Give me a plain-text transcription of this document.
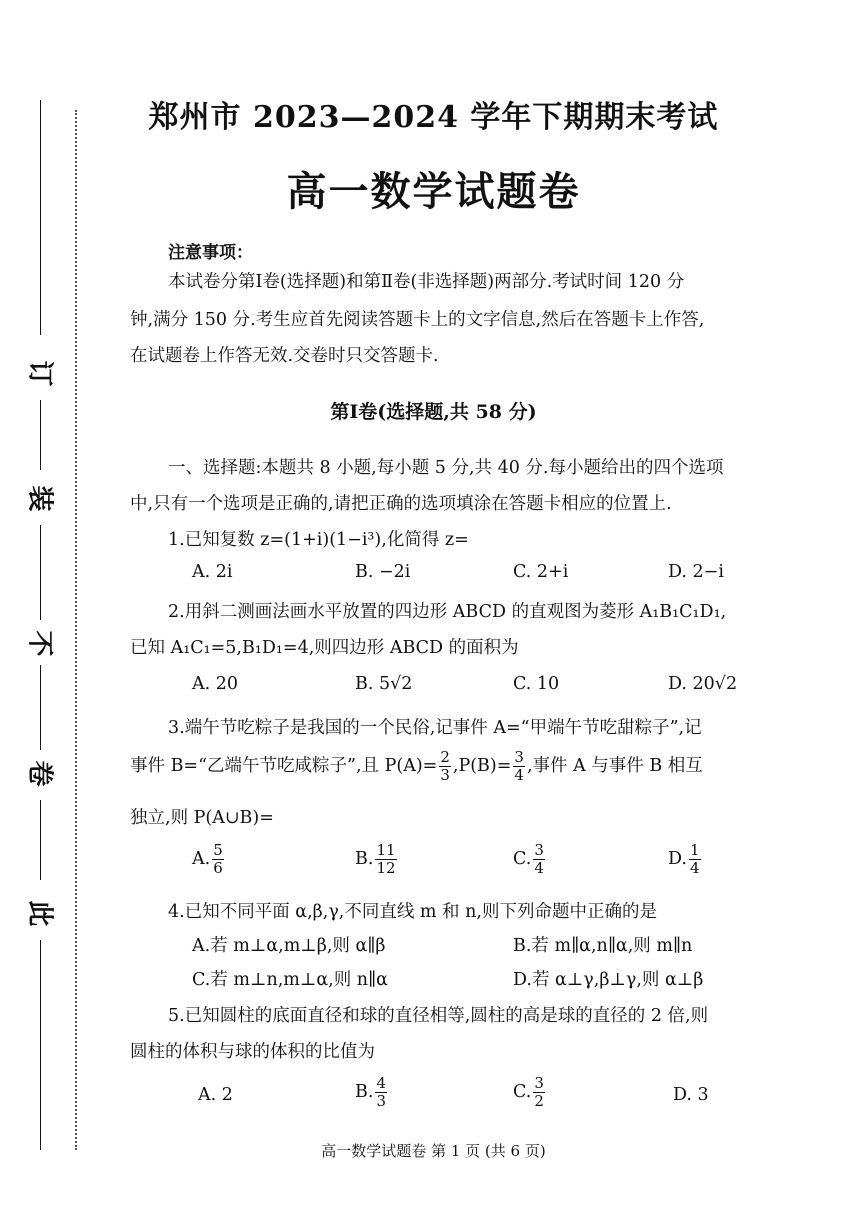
订
装
不
卷
此
郑州市 2023—2024 学年下期期末考试
高一数学试题卷
注意事项：
本试卷分第Ⅰ卷(选择题)和第Ⅱ卷(非选择题)两部分.考试时间 120 分
钟,满分 150 分.考生应首先阅读答题卡上的文字信息,然后在答题卡上作答,
在试题卷上作答无效.交卷时只交答题卡.
第Ⅰ卷(选择题,共 58 分)
一、选择题:本题共 8 小题,每小题 5 分,共 40 分.每小题给出的四个选项
中,只有一个选项是正确的,请把正确的选项填涂在答题卡相应的位置上.
1.已知复数 z=(1+i)(1−i³),化简得 z=
A. 2i	B. −2i	C. 2+i	D. 2−i
2.用斜二测画法画水平放置的四边形 ABCD 的直观图为菱形 A₁B₁C₁D₁,
已知 A₁C₁=5,B₁D₁=4,则四边形 ABCD 的面积为
A. 20	B. 5√2	C. 10	D. 20√2
3.端午节吃粽子是我国的一个民俗,记事件 A=“甲端午节吃甜粽子”,记
事件 B=“乙端午节吃咸粽子”,且 $P(A)= \frac{2}{3} ,P(B)= \frac{3}{4}$ ,事件 A 与事件 B 相互
独立,则 P(A∪B)=
A. $\frac{5}{6}$	B. $\frac{11}{12}$	C. $\frac{3}{4}$	D. $\frac{1}{4}$
4.已知不同平面 α,β,γ,不同直线 m 和 n,则下列命题中正确的是
A.若 m⊥α,m⊥β,则 α∥β	B.若 m∥α,n∥α,则 m∥n
C.若 m⊥n,m⊥α,则 n∥α	D.若 α⊥γ,β⊥γ,则 α⊥β
5.已知圆柱的底面直径和球的直径相等,圆柱的高是球的直径的 2 倍,则
圆柱的体积与球的体积的比值为
A. 2	B. $\frac{4}{3}$	C. $\frac{3}{2}$	D. 3
高一数学试题卷 第 1 页 (共 6 页)
